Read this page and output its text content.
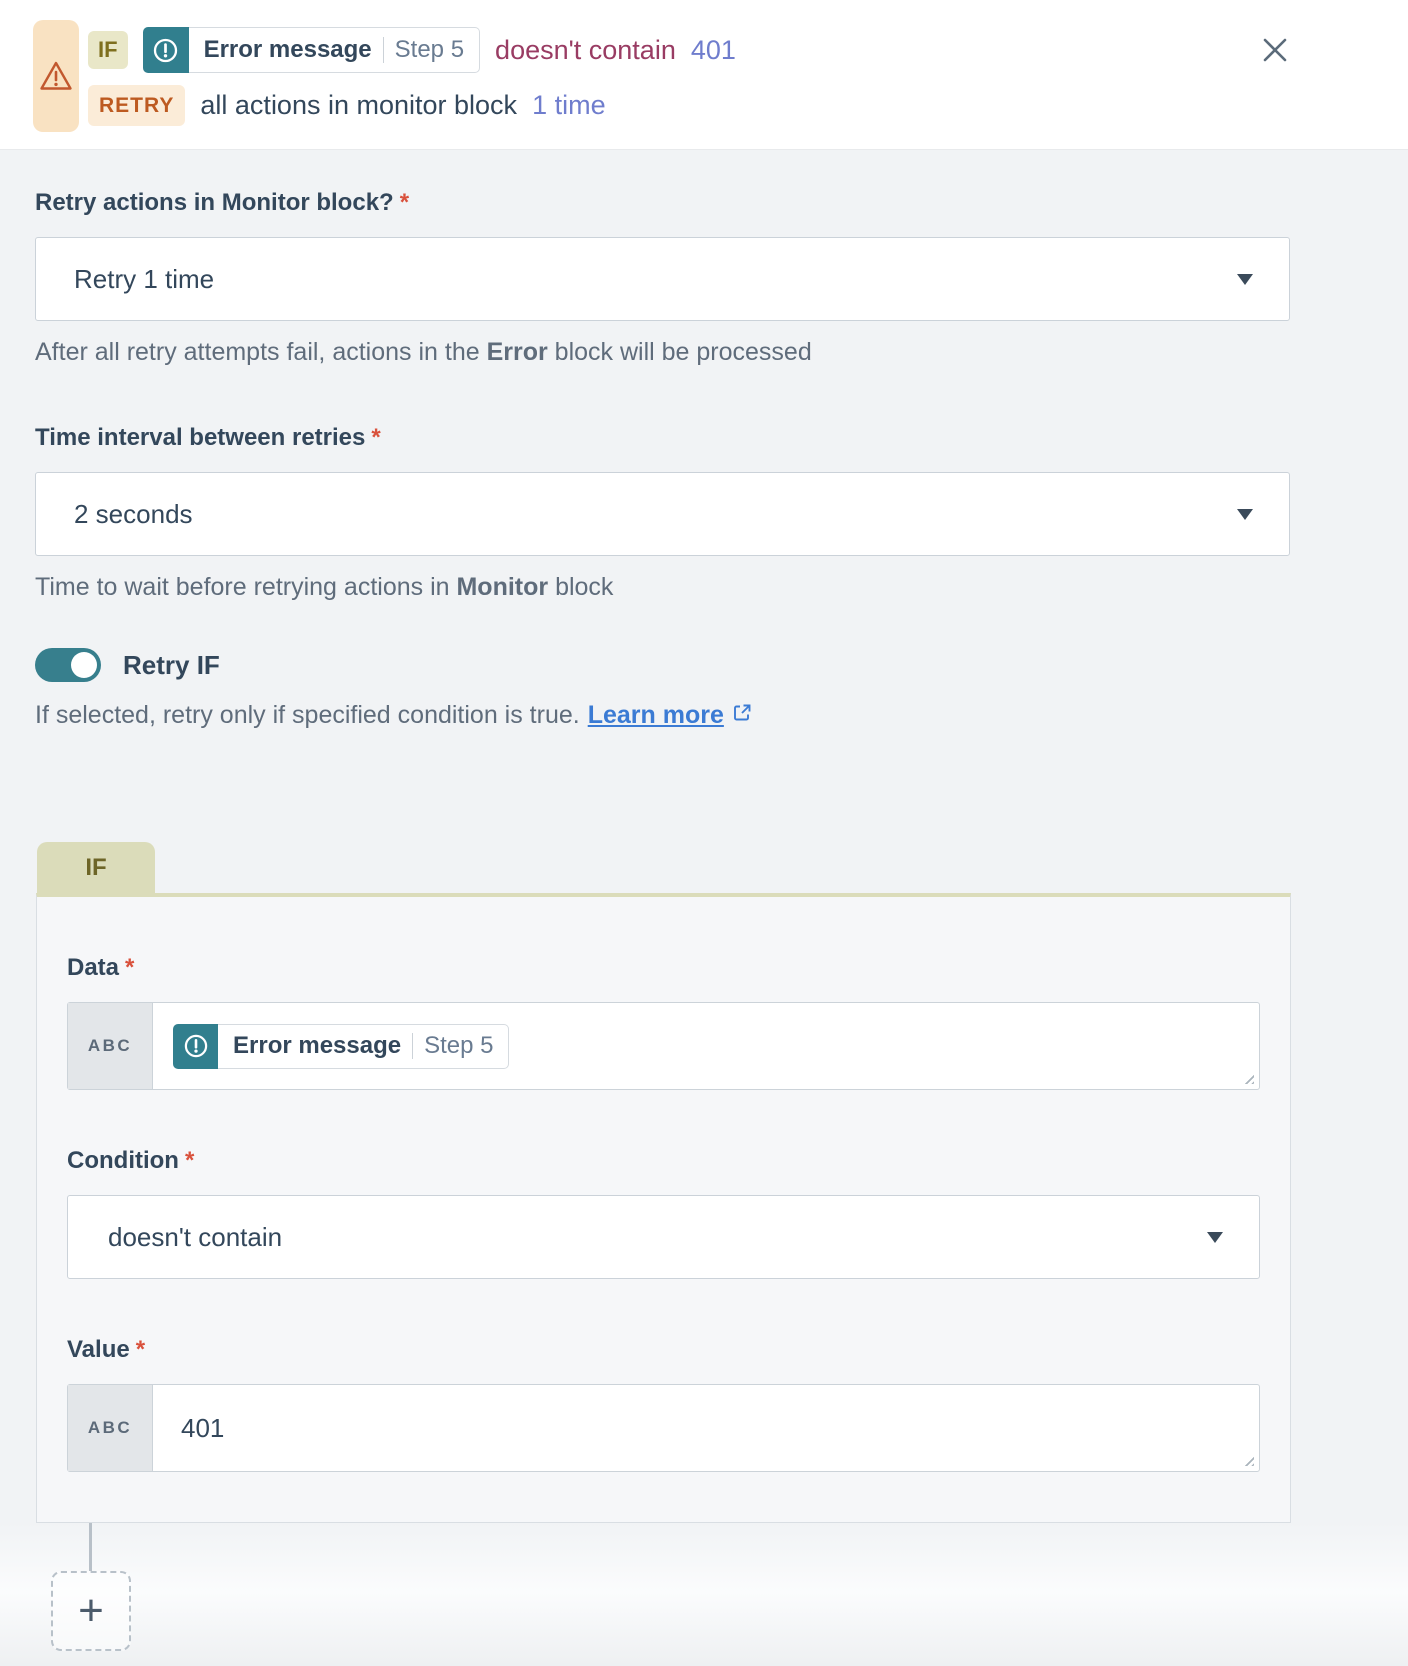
IF	Error message Step 5 doesn't contain 401
RETRY all actions in monitor block 1 time
Retry actions in Monitor block? *
Retry 1 time
After all retry attempts fail, actions in the Error block will be processed
Time interval between retries *
2 seconds
Time to wait before retrying actions in Monitor block
Retry IF
If selected, retry only if specified condition is true. Learn more
IF
Data *
ABC	Error message Step 5
Condition *
doesn't contain
Value *
ABC	401
+
